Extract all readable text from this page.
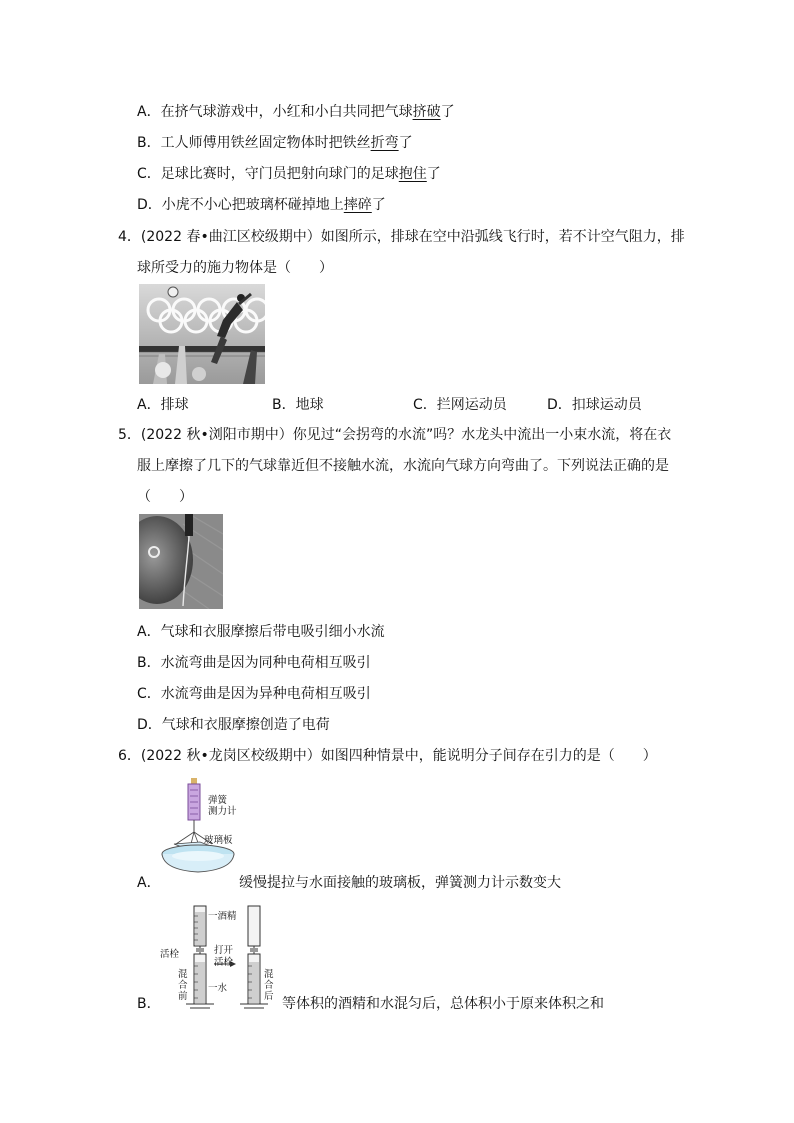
A．在挤气球游戏中，小红和小白共同把气球挤破了
B．工人师傅用铁丝固定物体时把铁丝折弯了
C．足球比赛时，守门员把射向球门的足球抱住了
D．小虎不小心把玻璃杯碰掉地上摔碎了
4．(2022 春•曲江区校级期中）如图所示，排球在空中沿弧线飞行时，若不计空气阻力，排
球所受力的施力物体是（　　）
A．排球	B．地球	C．拦网运动员	D．扣球运动员
5．(2022 秋•浏阳市期中）你见过“会拐弯的水流”吗？水龙头中流出一小束水流，将在衣
服上摩擦了几下的气球靠近但不接触水流，水流向气球方向弯曲了。下列说法正确的是
（　　）
A．气球和衣服摩擦后带电吸引细小水流
B．水流弯曲是因为同种电荷相互吸引
C．水流弯曲是因为异种电荷相互吸引
D．气球和衣服摩擦创造了电荷
6．(2022 秋•龙岗区校级期中）如图四种情景中，能说明分子间存在引力的是（　　）
弹簧
测力计
玻璃板
A．	缓慢提拉与水面接触的玻璃板，弹簧测力计示数变大
一酒精
打开
活栓
活栓
一水
混
合
前
混
合
后
B．	等体积的酒精和水混匀后，总体积小于原来体积之和
